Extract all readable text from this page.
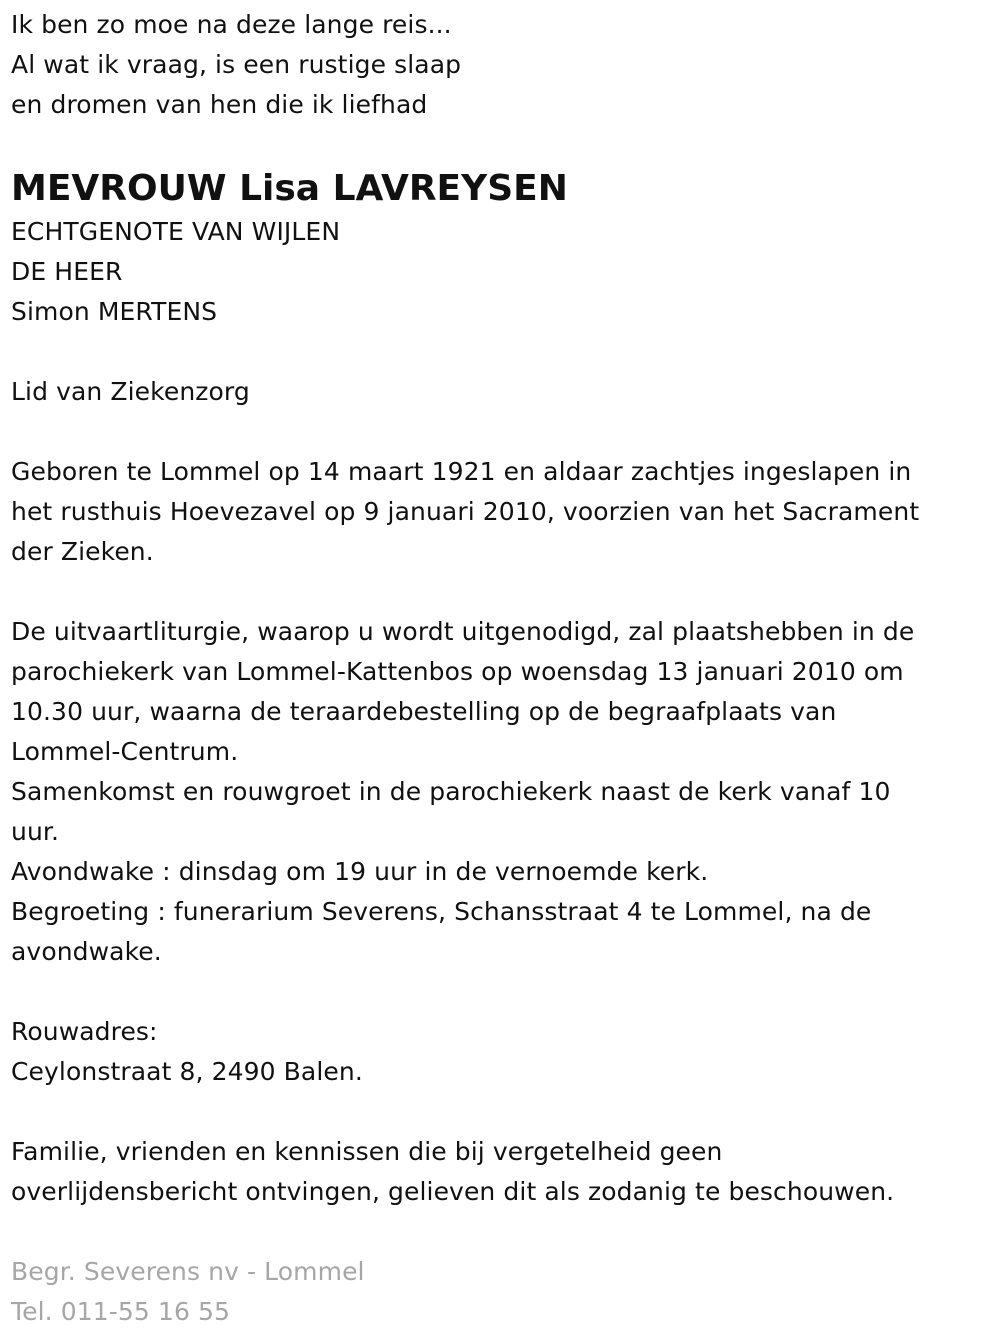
Ik ben zo moe na deze lange reis...
Al wat ik vraag, is een rustige slaap
en dromen van hen die ik liefhad
MEVROUW Lisa LAVREYSEN
ECHTGENOTE VAN WIJLEN
DE HEER
Simon MERTENS
Lid van Ziekenzorg
Geboren te Lommel op 14 maart 1921 en aldaar zachtjes ingeslapen in
het rusthuis Hoevezavel op 9 januari 2010, voorzien van het Sacrament
der Zieken.
De uitvaartliturgie, waarop u wordt uitgenodigd, zal plaatshebben in de
parochiekerk van Lommel-Kattenbos op woensdag 13 januari 2010 om
10.30 uur, waarna de teraardebestelling op de begraafplaats van
Lommel-Centrum.
Samenkomst en rouwgroet in de parochiekerk naast de kerk vanaf 10
uur.
Avondwake : dinsdag om 19 uur in de vernoemde kerk.
Begroeting : funerarium Severens, Schansstraat 4 te Lommel, na de
avondwake.
Rouwadres:
Ceylonstraat 8, 2490 Balen.
Familie, vrienden en kennissen die bij vergetelheid geen
overlijdensbericht ontvingen, gelieven dit als zodanig te beschouwen.
Begr. Severens nv - Lommel
Tel. 011-55 16 55
